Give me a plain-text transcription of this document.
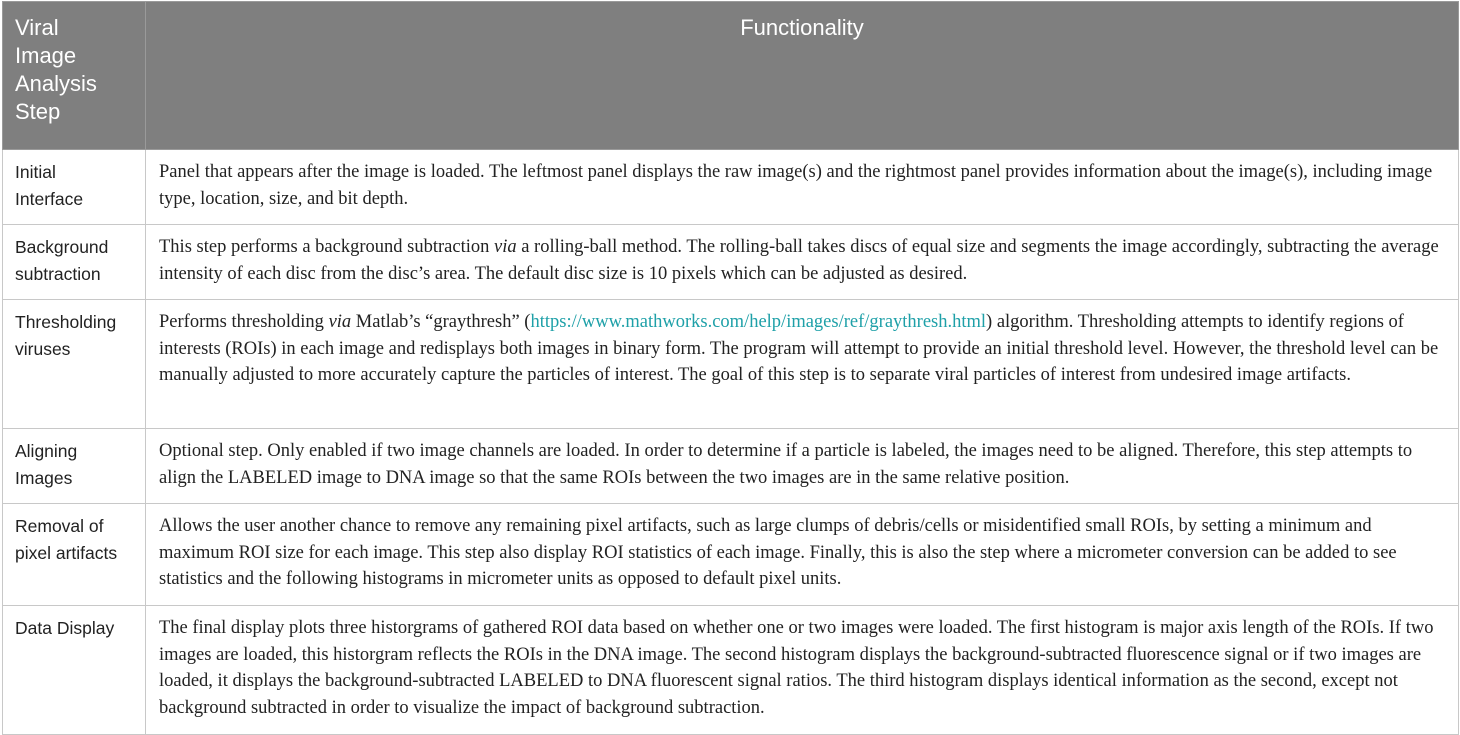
Viral
Image
Analysis
Step	Functionality
Initial
Interface	Panel that appears after the image is loaded. The leftmost panel displays the raw image(s) and the rightmost panel provides information about the image(s), including image type, location, size, and bit depth.
Background
subtraction	This step performs a background subtraction via a rolling-ball method. The rolling-ball takes discs of equal size and segments the image accordingly, subtracting the average intensity of each disc from the disc’s area. The default disc size is 10 pixels which can be adjusted as desired.
Thresholding
viruses	Performs thresholding via Matlab’s “graythresh” (https://www.mathworks.com/help/images/ref/graythresh.html) algorithm. Thresholding attempts to identify regions of interests (ROIs) in each image and redisplays both images in binary form. The program will attempt to provide an initial threshold level. However, the threshold level can be manually adjusted to more accurately capture the particles of interest. The goal of this step is to separate viral particles of interest from undesired image artifacts.
Aligning
Images	Optional step. Only enabled if two image channels are loaded. In order to determine if a particle is labeled, the images need to be aligned. Therefore, this step attempts to align the LABELED image to DNA image so that the same ROIs between the two images are in the same relative position.
Removal of
pixel artifacts	Allows the user another chance to remove any remaining pixel artifacts, such as large clumps of debris/cells or misidentified small ROIs, by setting a minimum and maximum ROI size for each image. This step also display ROI statistics of each image. Finally, this is also the step where a micrometer conversion can be added to see statistics and the following histograms in micrometer units as opposed to default pixel units.
Data Display	The final display plots three historgrams of gathered ROI data based on whether one or two images were loaded. The first histogram is major axis length of the ROIs. If two images are loaded, this historgram reflects the ROIs in the DNA image. The second histogram displays the background-subtracted fluorescence signal or if two images are loaded, it displays the background-subtracted LABELED to DNA fluorescent signal ratios. The third histogram displays identical information as the second, except not background subtracted in order to visualize the impact of background subtraction.
